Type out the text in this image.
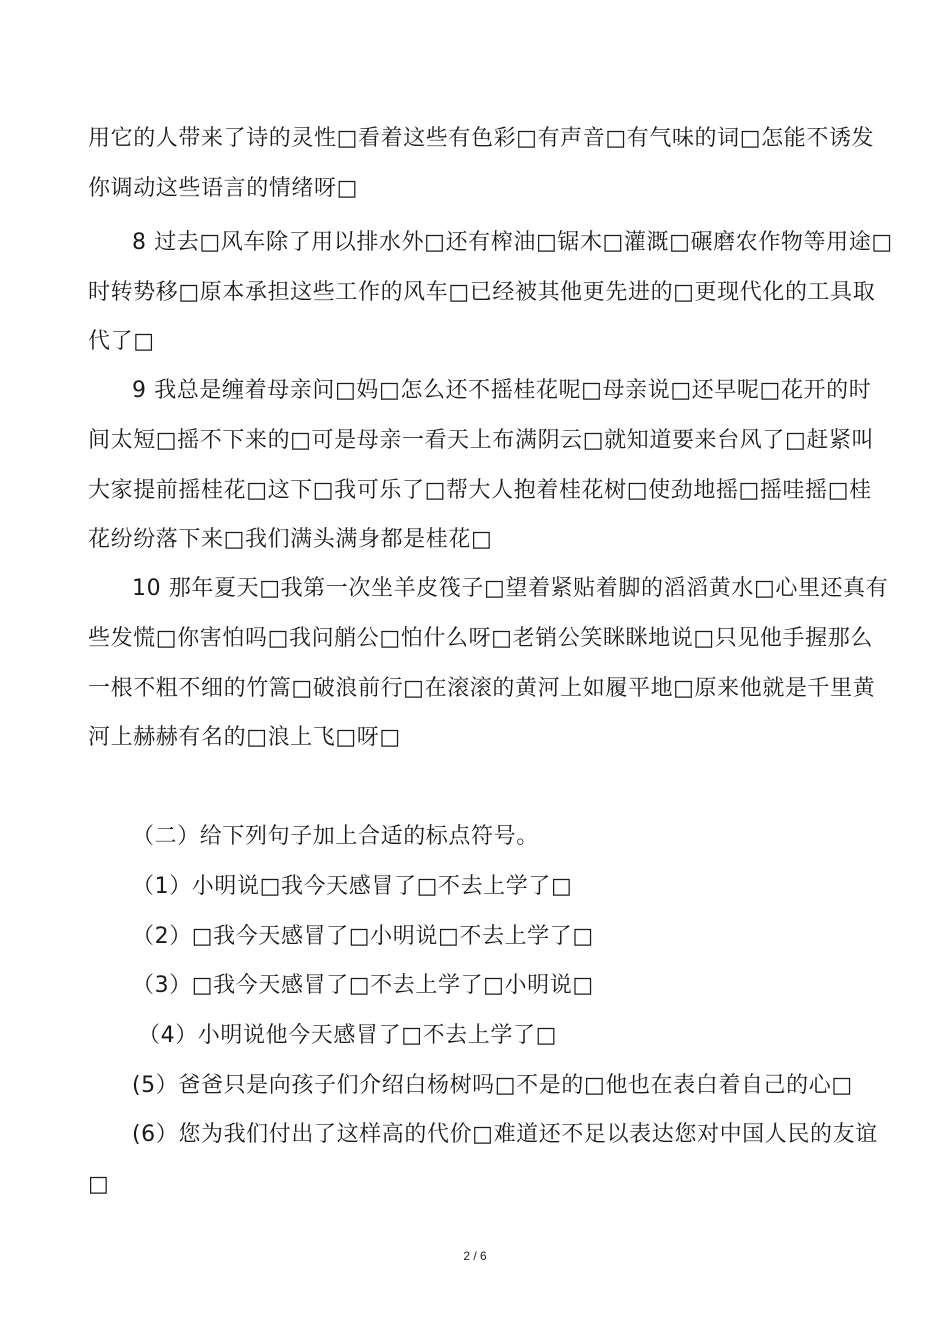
用它的人带来了诗的灵性□看着这些有色彩□有声音□有气味的词□怎能不诱发
你调动这些语言的情绪呀□
8 过去□风车除了用以排水外□还有榨油□锯木□灌溉□碾磨农作物等用途□
时转势移□原本承担这些工作的风车□已经被其他更先进的□更现代化的工具取
代了□
9 我总是缠着母亲问□妈□怎么还不摇桂花呢□母亲说□还早呢□花开的时
间太短□摇不下来的□可是母亲一看天上布满阴云□就知道要来台风了□赶紧叫
大家提前摇桂花□这下□我可乐了□帮大人抱着桂花树□使劲地摇□摇哇摇□桂
花纷纷落下来□我们满头满身都是桂花□
10 那年夏天□我第一次坐羊皮筏子□望着紧贴着脚的滔滔黄水□心里还真有
些发慌□你害怕吗□我问艄公□怕什么呀□老销公笑眯眯地说□只见他手握那么
一根不粗不细的竹篙□破浪前行□在滚滚的黄河上如履平地□原来他就是千里黄
河上赫赫有名的□浪上飞□呀□
（二）给下列句子加上合适的标点符号。
（1）小明说□我今天感冒了□不去上学了□
（2）□我今天感冒了□小明说□不去上学了□
（3）□我今天感冒了□不去上学了□小明说□
（4）小明说他今天感冒了□不去上学了□
(5）爸爸只是向孩子们介绍白杨树吗□不是的□他也在表白着自己的心□
(6）您为我们付出了这样高的代价□难道还不足以表达您对中国人民的友谊
□
2 / 6
